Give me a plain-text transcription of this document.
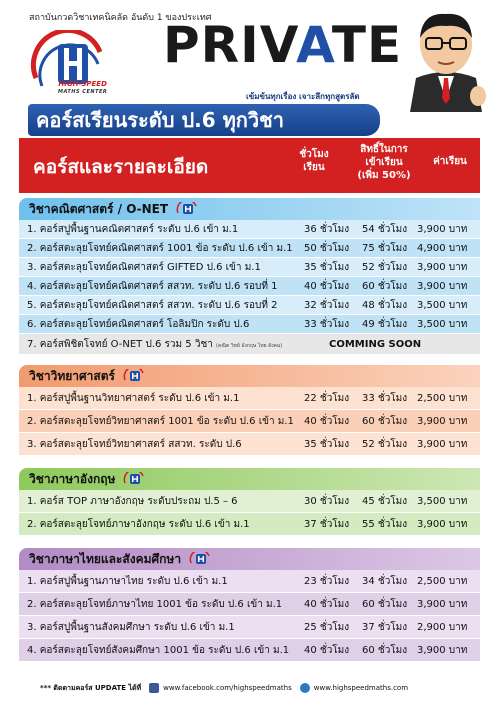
สถาบันกวดวิชาเทคนิคลัด อันดับ 1 ของประเทศ
HIGH-SPEED
MATHS CENTER
PRIVATE
เข้มข้นทุกเรื่อง เจาะลึกทุกสูตรลัด
คอร์สเรียนระดับ ป.6 ทุกวิชา
คอร์สและรายละเอียด
ชั่วโมง
เรียน
สิทธิ์ในการ
เข้าเรียน
(เพิ่ม 50%)
ค่าเรียน
วิชาคณิตศาสตร์ / O-NET
1. คอร์สปูพื้นฐานคณิตศาสตร์ ระดับ ป.6 เข้า ม.1	36 ชั่วโมง 54 ชั่วโมง 3,900 บาท
2. คอร์สตะลุยโจทย์คณิตศาสตร์ 1001 ข้อ ระดับ ป.6 เข้า ม.1 50 ชั่วโมง 75 ชั่วโมง 4,900 บาท
3. คอร์สตะลุยโจทย์คณิตศาสตร์ GIFTED ป.6 เข้า ม.1	35 ชั่วโมง 52 ชั่วโมง 3,900 บาท
4. คอร์สตะลุยโจทย์คณิตศาสตร์ สสวท. ระดับ ป.6 รอบที่ 1	40 ชั่วโมง 60 ชั่วโมง 3,900 บาท
5. คอร์สตะลุยโจทย์คณิตศาสตร์ สสวท. ระดับ ป.6 รอบที่ 2	32 ชั่วโมง 48 ชั่วโมง 3,500 บาท
6. คอร์สตะลุยโจทย์คณิตศาสตร์ โอลิมปิก ระดับ ป.6	33 ชั่วโมง 49 ชั่วโมง 3,500 บาท
7. คอร์สพิชิตโจทย์ O-NET ป.6 รวม 5 วิชา (คณิต วิทย์ อังกฤษ ไทย สังคม)	COMMING SOON
วิชาวิทยาศาสตร์
1. คอร์สปูพื้นฐานวิทยาศาสตร์ ระดับ ป.6 เข้า ม.1	22 ชั่วโมง 33 ชั่วโมง 2,500 บาท
2. คอร์สตะลุยโจทย์วิทยาศาสตร์ 1001 ข้อ ระดับ ป.6 เข้า ม.1 40 ชั่วโมง 60 ชั่วโมง 3,900 บาท
3. คอร์สตะลุยโจทย์วิทยาศาสตร์ สสวท. ระดับ ป.6	35 ชั่วโมง 52 ชั่วโมง 3,900 บาท
วิชาภาษาอังกฤษ
1. คอร์ส TOP ภาษาอังกฤษ ระดับประถม ป.5 – 6	30 ชั่วโมง 45 ชั่วโมง 3,500 บาท
2. คอร์สตะลุยโจทย์ภาษาอังกฤษ ระดับ ป.6 เข้า ม.1	37 ชั่วโมง 55 ชั่วโมง 3,900 บาท
วิชาภาษาไทยและสังคมศึกษา
1. คอร์สปูพื้นฐานภาษาไทย ระดับ ป.6 เข้า ม.1	23 ชั่วโมง 34 ชั่วโมง 2,500 บาท
2. คอร์สตะลุยโจทย์ภาษาไทย 1001 ข้อ ระดับ ป.6 เข้า ม.1 40 ชั่วโมง 60 ชั่วโมง 3,900 บาท
3. คอร์สปูพื้นฐานสังคมศึกษา ระดับ ป.6 เข้า ม.1	25 ชั่วโมง 37 ชั่วโมง 2,900 บาท
4. คอร์สตะลุยโจทย์สังคมศึกษา 1001 ข้อ ระดับ ป.6 เข้า ม.1 40 ชั่วโมง 60 ชั่วโมง 3,900 บาท
*** ติดตามคอร์ส UPDATE ได้ที่	www.facebook.com/highspeedmaths	www.highspeedmaths.com
